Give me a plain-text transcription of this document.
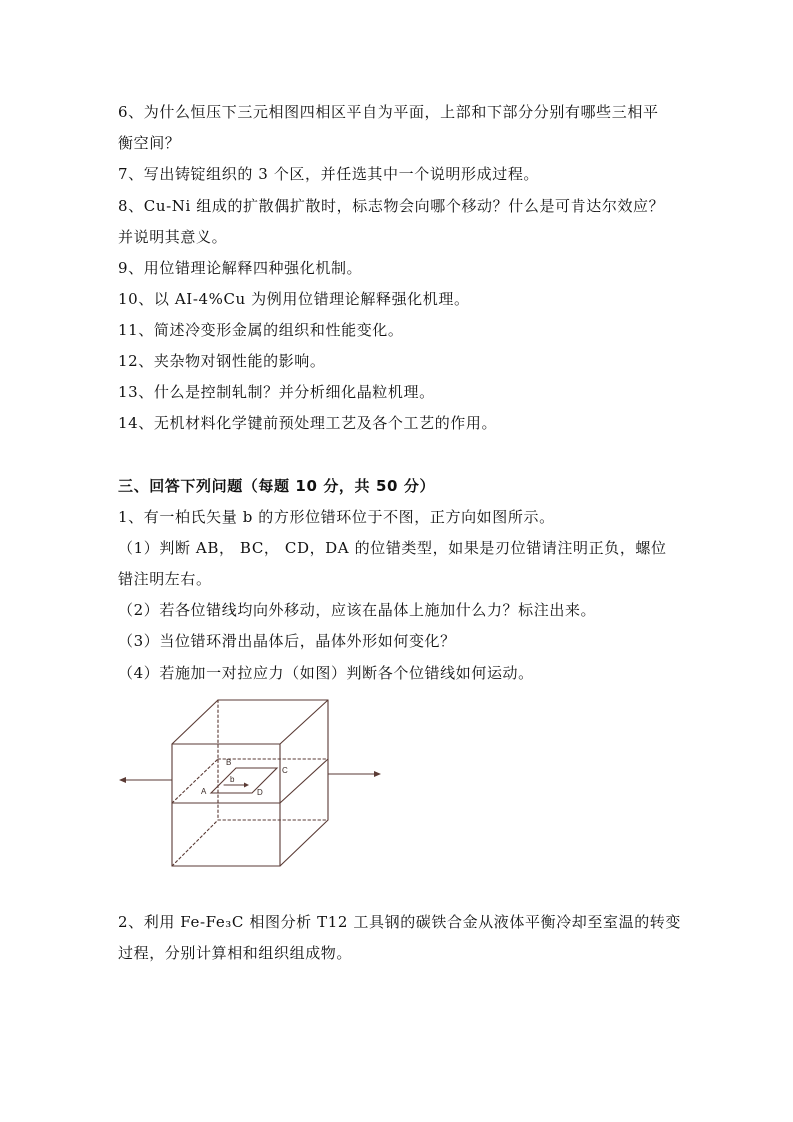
6、为什么恒压下三元相图四相区平自为平面，上部和下部分分别有哪些三相平

衡空间？

7、写出铸锭组织的 3 个区，并任选其中一个说明形成过程。

8、Cu-Ni 组成的扩散偶扩散时，标志物会向哪个移动？什么是可肯达尔效应？

并说明其意义。

9、用位错理论解释四种强化机制。

10、以 AI-4%Cu 为例用位错理论解释强化机理。

11、简述冷变形金属的组织和性能变化。

12、夹杂物对钢性能的影响。

13、什么是控制轧制？并分析细化晶粒机理。

14、无机材料化学键前预处理工艺及各个工艺的作用。

三、回答下列问题（每题 10 分，共 50 分）

1、有一柏氏矢量 b 的方形位错环位于不图，正方向如图所示。

（1）判断 AB， BC， CD，DA 的位错类型，如果是刃位错请注明正负，螺位

错注明左右。

（2）若各位错线均向外移动，应该在晶体上施加什么力？标注出来。

（3）当位错环滑出晶体后，晶体外形如何变化？

（4）若施加一对拉应力（如图）判断各个位错线如何运动。

A
B
C
D
b

2、利用 Fe-Fe₃C 相图分析 T12 工具钢的碳铁合金从液体平衡冷却至室温的转变

过程，分别计算相和组织组成物。
